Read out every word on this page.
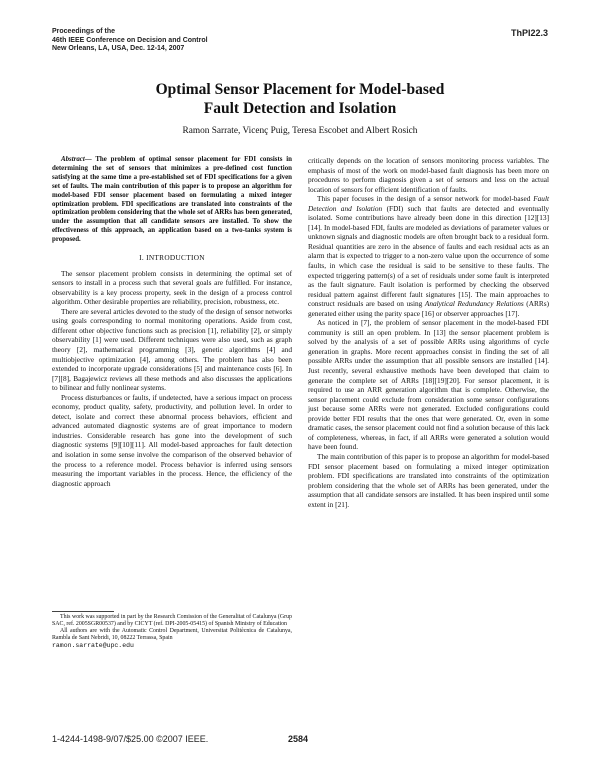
Proceedings of the
46th IEEE Conference on Decision and Control
New Orleans, LA, USA, Dec. 12-14, 2007
ThPI22.3
Optimal Sensor Placement for Model-based
Fault Detection and Isolation
Ramon Sarrate, Vicenç Puig, Teresa Escobet and Albert Rosich

Abstract— The problem of optimal sensor placement for FDI consists in determining the set of sensors that minimizes a pre-defined cost function satisfying at the same time a pre-established set of FDI specifications for a given set of faults. The main contribution of this paper is to propose an algorithm for model-based FDI sensor placement based on formulating a mixed integer optimization problem. FDI specifications are translated into constraints of the optimization problem considering that the whole set of ARRs has been generated, under the assumption that all candidate sensors are installed. To show the effectiveness of this approach, an application based on a two-tanks system is proposed.

I. INTRODUCTION

The sensor placement problem consists in determining the optimal set of sensors to install in a process such that several goals are fulfilled. For instance, observability is a key process property, seek in the design of a process control algorithm. Other desirable properties are reliability, precision, robustness, etc.

There are several articles devoted to the study of the design of sensor networks using goals corresponding to normal monitoring operations. Aside from cost, different other objective functions such as precision [1], reliability [2], or simply observability [1] were used. Different techniques were also used, such as graph theory [2], mathematical programming [3], genetic algorithms [4] and multiobjective optimization [4], among others. The problem has also been extended to incorporate upgrade considerations [5] and maintenance costs [6]. In [7][8], Bagajewicz reviews all these methods and also discusses the applications to bilinear and fully nonlinear systems.

Process disturbances or faults, if undetected, have a serious impact on process economy, product quality, safety, productivity, and pollution level. In order to detect, isolate and correct these abnormal process behaviors, efficient and advanced automated diagnostic systems are of great importance to modern industries. Considerable research has gone into the development of such diagnostic systems [9][10][11]. All model-based approaches for fault detection and isolation in some sense involve the comparison of the observed behavior of the process to a reference model. Process behavior is inferred using sensors measuring the important variables in the process. Hence, the efficiency of the diagnostic approach

This work was supported in part by the Research Comission of the Generalitat of Catalunya (Grup SAC, ref. 2005SGR00537) and by CICYT (ref. DPI-2005-05415) of Spanish Ministry of Education

All authors are with the Automatic Control Department, Universitat Politècnica de Catalunya, Rambla de Sant Nebridi, 10, 08222 Terrassa, Spain

ramon.sarrate@upc.edu

critically depends on the location of sensors monitoring process variables. The emphasis of most of the work on model-based fault diagnosis has been more on procedures to perform diagnosis given a set of sensors and less on the actual location of sensors for efficient identification of faults.

This paper focuses in the design of a sensor network for model-based Fault Detection and Isolation (FDI) such that faults are detected and eventually isolated. Some contributions have already been done in this direction [12][13][14]. In model-based FDI, faults are modeled as deviations of parameter values or unknown signals and diagnostic models are often brought back to a residual form. Residual quantities are zero in the absence of faults and each residual acts as an alarm that is expected to trigger to a non-zero value upon the occurrence of some faults, in which case the residual is said to be sensitive to these faults. The expected triggering pattern(s) of a set of residuals under some fault is interpreted as the fault signature. Fault isolation is performed by checking the observed residual pattern against different fault signatures [15]. The main approaches to construct residuals are based on using Analytical Redundancy Relations (ARRs) generated either using the parity space [16] or observer approaches [17].

As noticed in [7], the problem of sensor placement in the model-based FDI community is still an open problem. In [13] the sensor placement problem is solved by the analysis of a set of possible ARRs using algorithms of cycle generation in graphs. More recent approaches consist in finding the set of all possible ARRs under the assumption that all possible sensors are installed [14]. Just recently, several exhaustive methods have been developed that claim to generate the complete set of ARRs [18][19][20]. For sensor placement, it is required to use an ARR generation algorithm that is complete. Otherwise, the sensor placement could exclude from consideration some sensor configurations just because some ARRs were not generated. Excluded configurations could provide better FDI results that the ones that were generated. Or, even in some dramatic cases, the sensor placement could not find a solution because of this lack of completeness, whereas, in fact, if all ARRs were generated a solution would have been found.

The main contribution of this paper is to propose an algorithm for model-based FDI sensor placement based on formulating a mixed integer optimization problem. FDI specifications are translated into constraints of the optimization problem considering that the whole set of ARRs has been generated, under the assumption that all candidate sensors are installed. It has been inspired until some extent in [21].

1-4244-1498-9/07/$25.00 ©2007 IEEE.	2584
